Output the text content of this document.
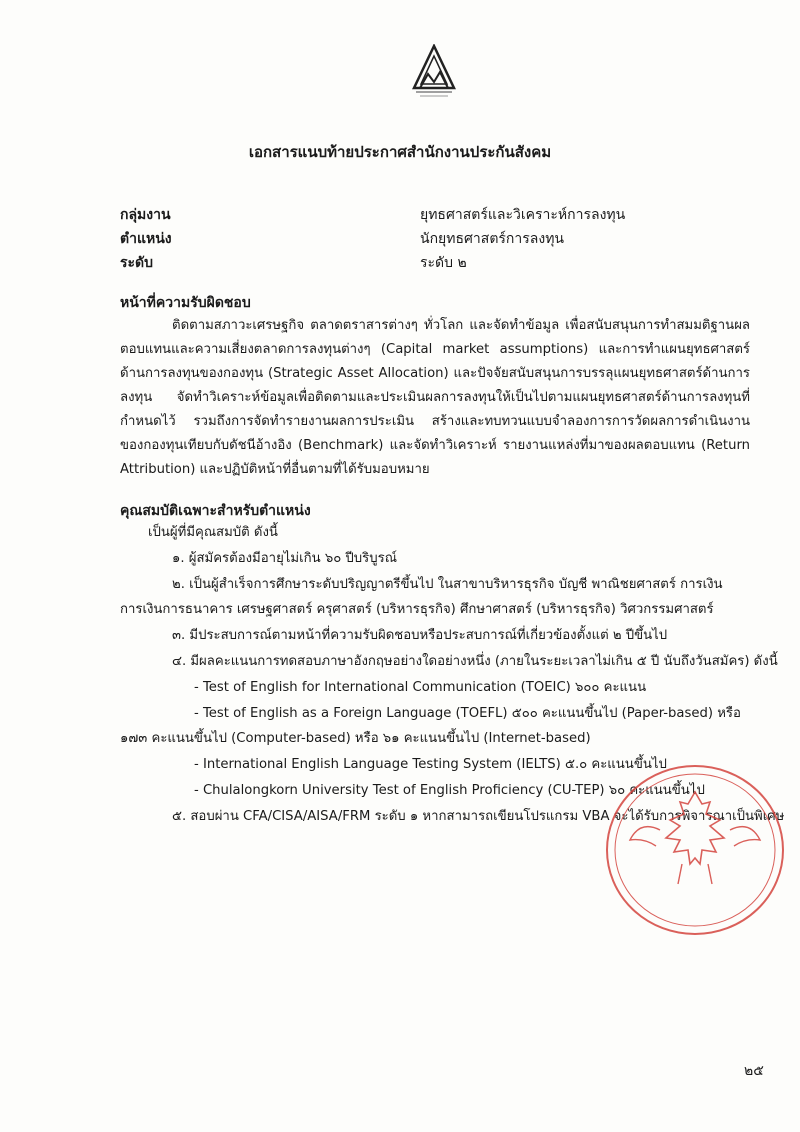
เอกสารแนบท้ายประกาศสำนักงานประกันสังคม
กลุ่มงาน	ยุทธศาสตร์และวิเคราะห์การลงทุน
ตำแหน่ง	นักยุทธศาสตร์การลงทุน
ระดับ	ระดับ ๒
หน้าที่ความรับผิดชอบ
ติดตามสภาวะเศรษฐกิจ ตลาดตราสารต่างๆ ทั่วโลก และจัดทำข้อมูล เพื่อสนับสนุนการทำสมมติฐานผลตอบแทนและความเสี่ยงตลาดการลงทุนต่างๆ (Capital market assumptions) และการทำแผนยุทธศาสตร์ด้านการลงทุนของกองทุน (Strategic Asset Allocation) และปัจจัยสนับสนุนการบรรลุแผนยุทธศาสตร์ด้านการลงทุน จัดทำวิเคราะห์ข้อมูลเพื่อติดตามและประเมินผลการลงทุนให้เป็นไปตามแผนยุทธศาสตร์ด้านการลงทุนที่กำหนดไว้ รวมถึงการจัดทำรายงานผลการประเมิน สร้างและทบทวนแบบจำลองการการวัดผลการดำเนินงานของกองทุนเทียบกับดัชนีอ้างอิง (Benchmark) และจัดทำวิเคราะห์ รายงานแหล่งที่มาของผลตอบแทน (Return Attribution) และปฏิบัติหน้าที่อื่นตามที่ได้รับมอบหมาย
คุณสมบัติเฉพาะสำหรับตำแหน่ง
เป็นผู้ที่มีคุณสมบัติ ดังนี้
๑. ผู้สมัครต้องมีอายุไม่เกิน ๖๐ ปีบริบูรณ์
๒. เป็นผู้สำเร็จการศึกษาระดับปริญญาตรีขึ้นไป ในสาขาบริหารธุรกิจ บัญชี พาณิชยศาสตร์ การเงิน
การเงินการธนาคาร เศรษฐศาสตร์ ครุศาสตร์ (บริหารธุรกิจ) ศึกษาศาสตร์ (บริหารธุรกิจ) วิศวกรรมศาสตร์
๓. มีประสบการณ์ตามหน้าที่ความรับผิดชอบหรือประสบการณ์ที่เกี่ยวข้องตั้งแต่ ๒ ปีขึ้นไป
๔. มีผลคะแนนการทดสอบภาษาอังกฤษอย่างใดอย่างหนึ่ง (ภายในระยะเวลาไม่เกิน ๕ ปี นับถึงวันสมัคร) ดังนี้
- Test of English for International Communication (TOEIC) ๖๐๐ คะแนน
- Test of English as a Foreign Language (TOEFL) ๕๐๐ คะแนนขึ้นไป (Paper-based) หรือ
๑๗๓ คะแนนขึ้นไป (Computer-based) หรือ ๖๑ คะแนนขึ้นไป (Internet-based)
- International English Language Testing System (IELTS) ๕.๐ คะแนนขึ้นไป
- Chulalongkorn University Test of English Proficiency (CU-TEP) ๖๐ คะแนนขึ้นไป
๕. สอบผ่าน CFA/CISA/AISA/FRM ระดับ ๑ หากสามารถเขียนโปรแกรม VBA จะได้รับการพิจารณาเป็นพิเศษ
๒๕
